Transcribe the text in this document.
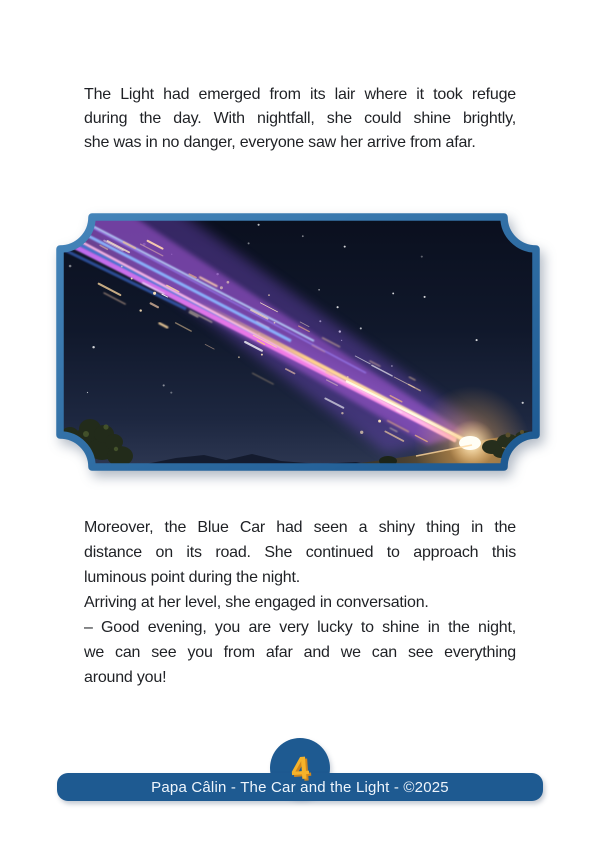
The Light had emerged from its lair where it took refuge
during the day. With nightfall, she could shine brightly,
she was in no danger, everyone saw her arrive from afar.
Moreover, the Blue Car had seen a shiny thing in the
distance on its road. She continued to approach this
luminous point during the night.
Arriving at her level, she engaged in conversation.
– Good evening, you are very lucky to shine in the night,
we can see you from afar and we can see everything
around you!
4
Papa Câlin - The Car and the Light - ©2025
